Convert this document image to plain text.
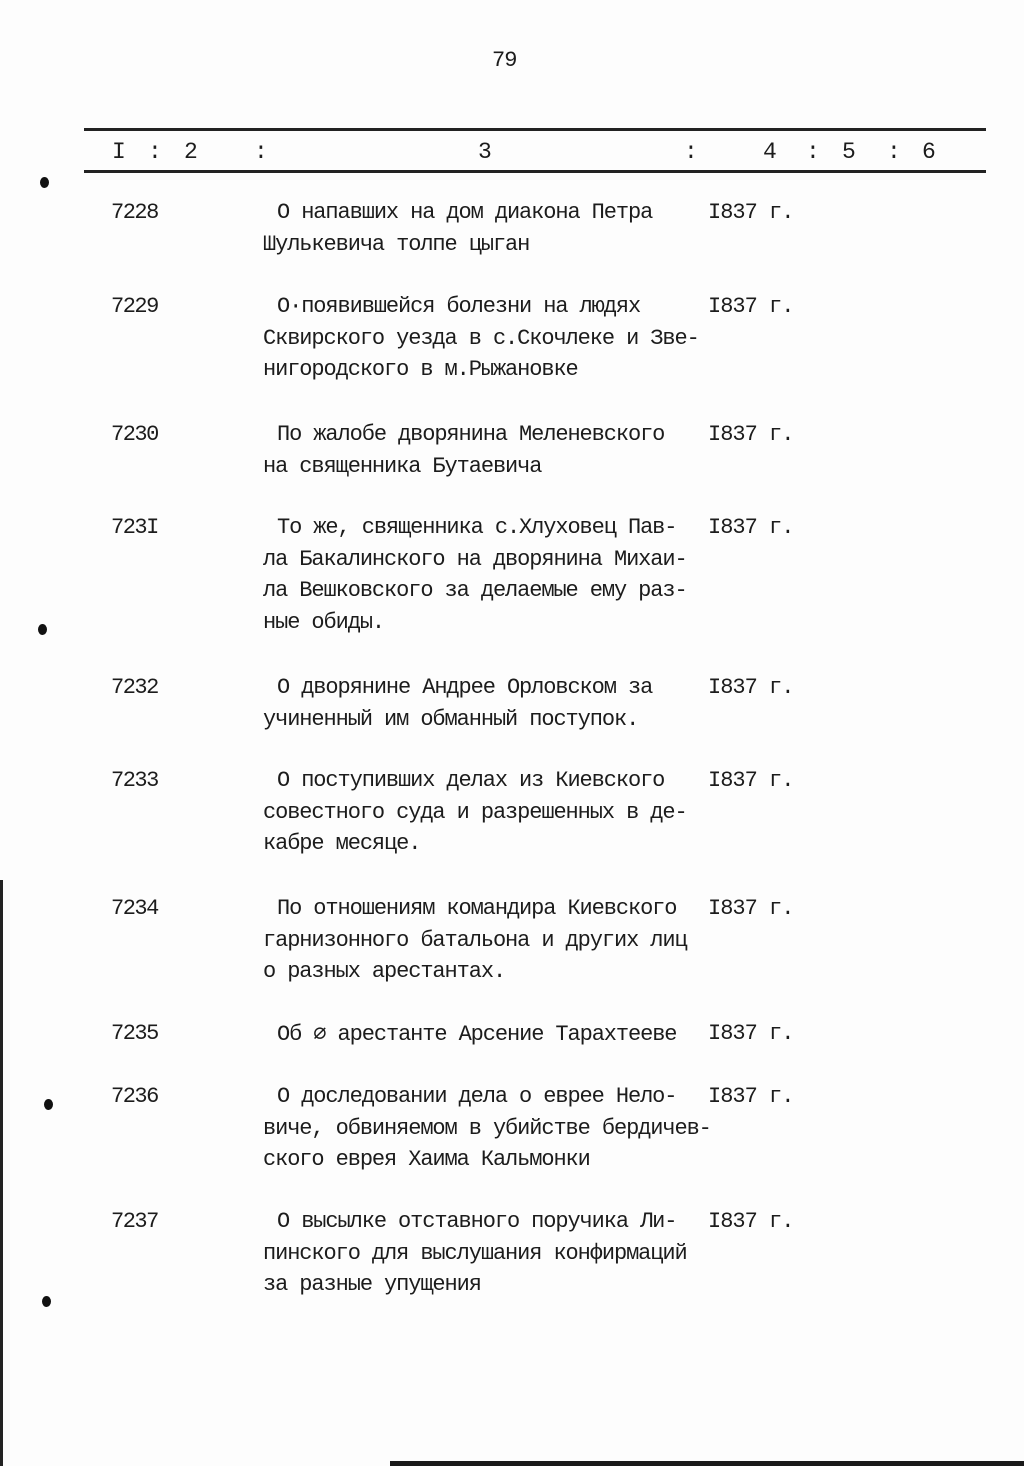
79
I : 2 :	3	:	4 : 5 : 6
7228	О напавших на дом диакона Петра
Шулькевича толпе цыган
I837 г.
7229	О·появившейся болезни на людях
Сквирского уезда в с.Скочлеке и Зве-
нигородского в м.Рыжановке
I837 г.
7230	По жалобе дворянина Меленевского
на священника Бутаевича
I837 г.
723I	То же, священника с.Хлуховец Пав-
ла Бакалинского на дворянина Михаи-
ла Вешковского за делаемые ему раз-
ные обиды.
I837 г.
7232	О дворянине Андрее Орловском за
учиненный им обманный поступок.
I837 г.
7233	О поступивших делах из Киевского
совестного суда и разрешенных в де-
кабре месяце.
I837 г.
7234	По отношениям командира Киевского
гарнизонного батальона и других лиц
о разных арестантах.
I837 г.
7235	Об ∅ арестанте Арсение Тарахтееве I837 г.
7236	О доследовании дела о еврее Нело-
виче, обвиняемом в убийстве бердичев-
ского еврея Хаима Кальмонки
I837 г.
7237	О высылке отставного поручика Ли-
пинского для выслушания конфирмаций
за разные упущения
I837 г.
